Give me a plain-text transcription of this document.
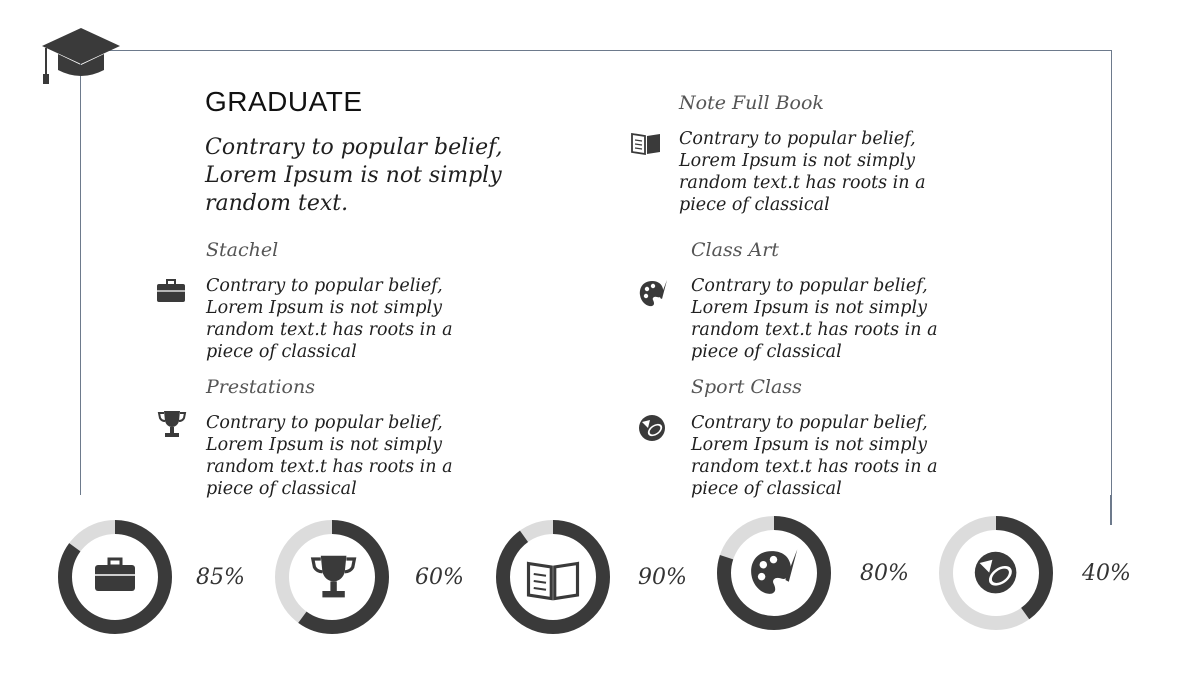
GRADUATE
Contrary to popular belief, Lorem Ipsum is not simply random text.
Note Full Book
Contrary to popular belief, Lorem Ipsum is not simply random text.t has roots in a piece of classical
Stachel
Contrary to popular belief, Lorem Ipsum is not simply random text.t has roots in a piece of classical
Class Art
Contrary to popular belief, Lorem Ipsum is not simply random text.t has roots in a piece of classical
Prestations
Contrary to popular belief, Lorem Ipsum is not simply random text.t has roots in a piece of classical
Sport Class
Contrary to popular belief, Lorem Ipsum is not simply random text.t has roots in a piece of classical
85%	60%	90%	80%	40%
